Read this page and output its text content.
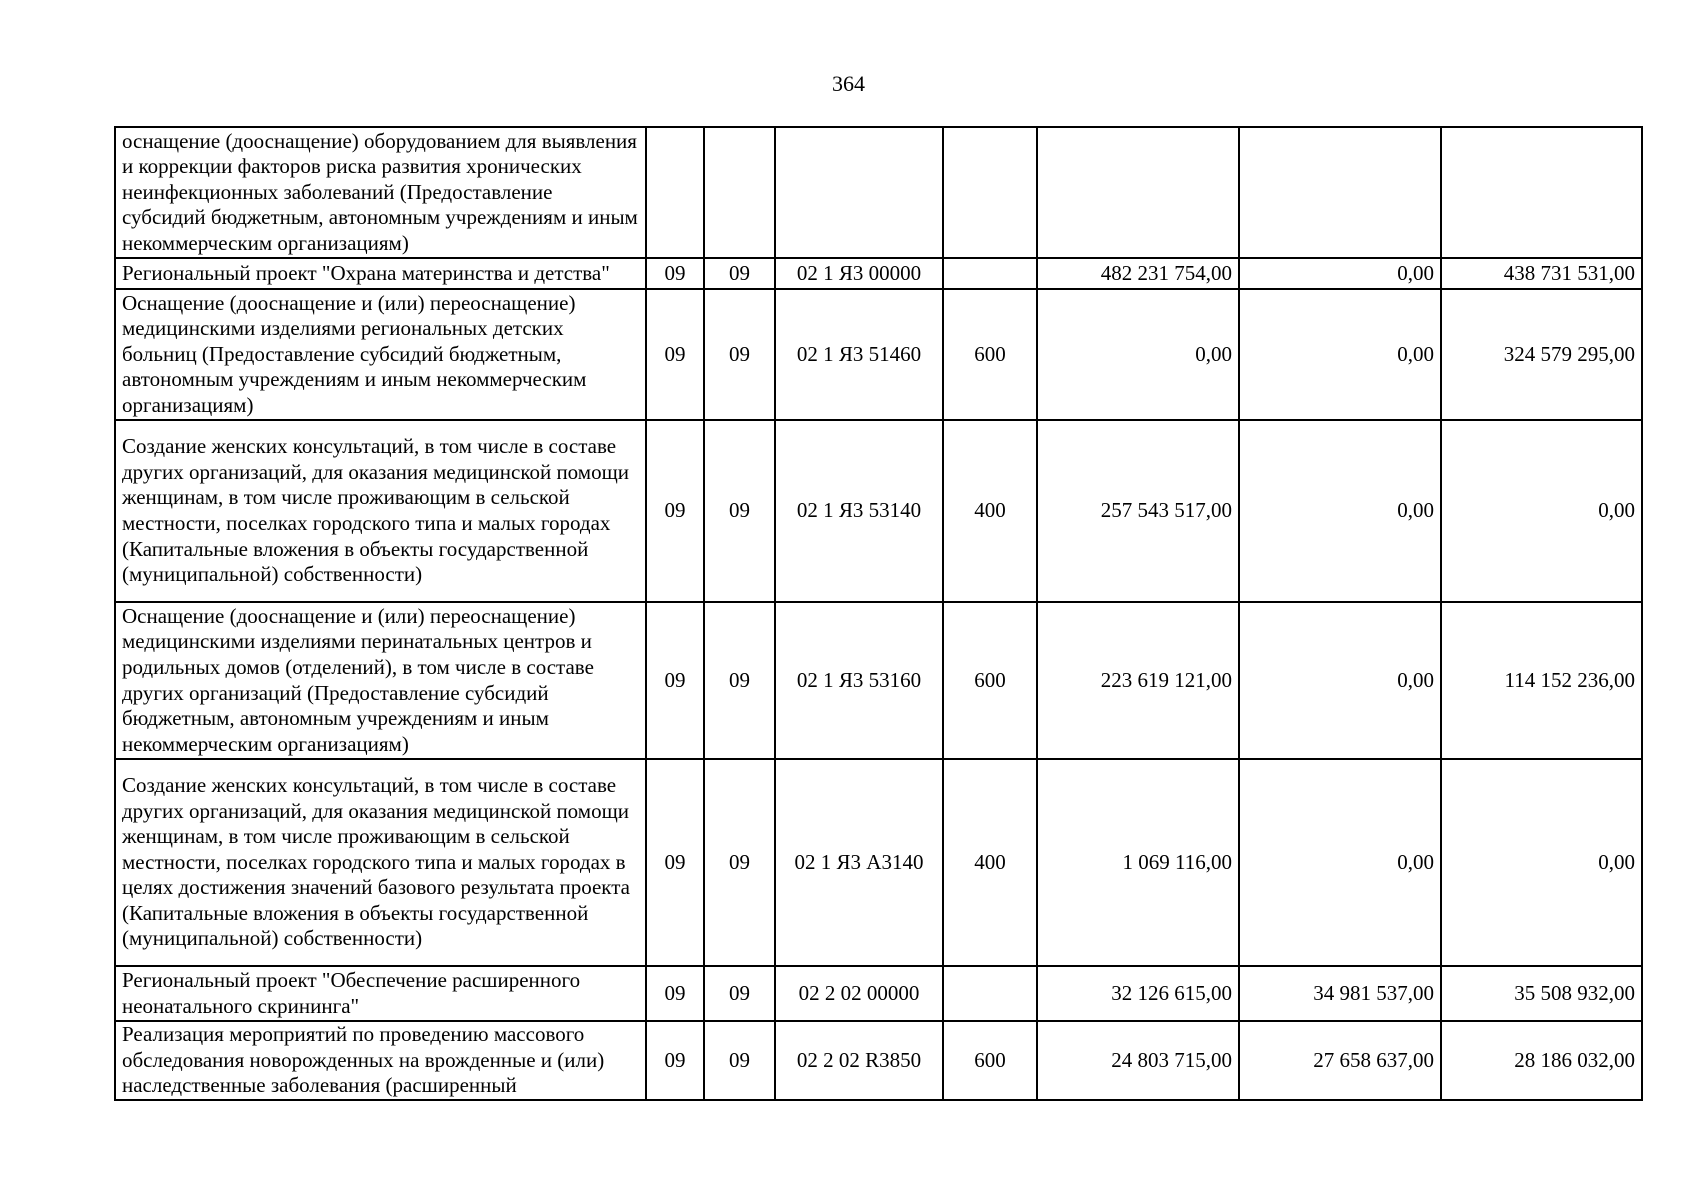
364
оснащение (дооснащение) оборудованием для выявления и коррекции факторов риска развития хронических неинфекционных заболеваний (Предоставление субсидий бюджетным, автономным учреждениям и иным некоммерческим организациям)							
Региональный проект "Охрана материнства и детства"	09	09	02 1 Я3 00000		482 231 754,00	0,00	438 731 531,00
Оснащение (дооснащение и (или) переоснащение) медицинскими изделиями региональных детских больниц (Предоставление субсидий бюджетным, автономным учреждениям и иным некоммерческим организациям)	09	09	02 1 Я3 51460	600	0,00	0,00	324 579 295,00
Создание женских консультаций, в том числе в составе других организаций, для оказания медицинской помощи женщинам, в том числе проживающим в сельской местности, поселках городского типа и малых городах (Капитальные вложения в объекты государственной (муниципальной) собственности)	09	09	02 1 Я3 53140	400	257 543 517,00	0,00	0,00
Оснащение (дооснащение и (или) переоснащение) медицинскими изделиями перинатальных центров и родильных домов (отделений), в том числе в составе других организаций (Предоставление субсидий бюджетным, автономным учреждениям и иным некоммерческим организациям)	09	09	02 1 Я3 53160	600	223 619 121,00	0,00	114 152 236,00
Создание женских консультаций, в том числе в составе других организаций, для оказания медицинской помощи женщинам, в том числе проживающим в сельской местности, поселках городского типа и малых городах в целях достижения значений базового результата проекта (Капитальные вложения в объекты государственной (муниципальной) собственности)	09	09	02 1 Я3 А3140	400	1 069 116,00	0,00	0,00
Региональный проект "Обеспечение расширенного неонатального скрининга"	09	09	02 2 02 00000		32 126 615,00	34 981 537,00	35 508 932,00
Реализация мероприятий по проведению массового обследования новорожденных на врожденные и (или) наследственные заболевания (расширенный	09	09	02 2 02 R3850	600	24 803 715,00	27 658 637,00	28 186 032,00
